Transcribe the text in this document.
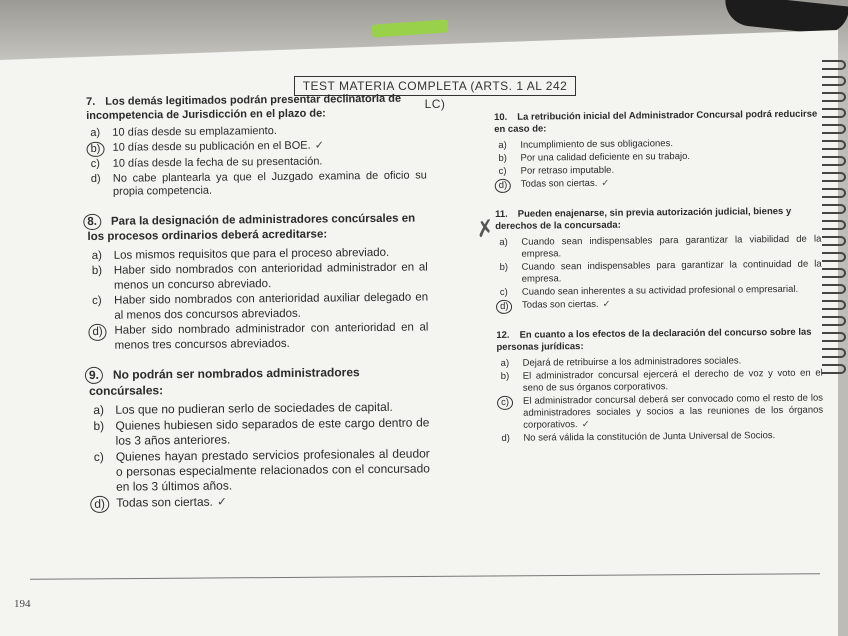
TEST MATERIA COMPLETA (ARTS. 1 AL 242 LC)
7. Los demás legitimados podrán presentar declinatoria de incompetencia de Jurisdicción en el plazo de:
a)	10 días desde su emplazamiento.
b)	10 días desde su publicación en el BOE. ✓
c)	10 días desde la fecha de su presentación.
d)	No cabe plantearla ya que el Juzgado examina de oficio su propia competencia.
8. Para la designación de administradores concúrsales en los procesos ordinarios deberá acreditarse:
a)	Los mismos requisitos que para el proceso abreviado.
b)	Haber sido nombrados con anterioridad administrador en al menos un concurso abreviado.
c)	Haber sido nombrados con anterioridad auxiliar delegado en al menos dos concursos abreviados.
d)	Haber sido nombrado administrador con anterioridad en al menos tres concursos abreviados.
9. No podrán ser nombrados administradores concúrsales:
a) Los que no pudieran serlo de sociedades de capital.
b) Quienes hubiesen sido separados de este cargo dentro de los 3 años anteriores.
c) Quienes hayan prestado servicios profesionales al deudor o personas especialmente relacionados con el concursado en los 3 últimos años.
d) Todas son ciertas. ✓
✗
10. La retribución inicial del Administrador Concursal podrá reducirse en caso de:
a)	Incumplimiento de sus obligaciones.
b)	Por una calidad deficiente en su trabajo.
c)	Por retraso imputable.
d)	Todas son ciertas. ✓
11. Pueden enajenarse, sin previa autorización judicial, bienes y derechos de la concursada:
a)	Cuando sean indispensables para garantizar la viabilidad de la empresa.
b)	Cuando sean indispensables para garantizar la continuidad de la empresa.
c)	Cuando sean inherentes a su actividad profesional o empresarial.
d)	Todas son ciertas. ✓
12. En cuanto a los efectos de la declaración del concurso sobre las personas jurídicas:
a)	Dejará de retribuirse a los administradores sociales.
b)	El administrador concursal ejercerá el derecho de voz y voto en el seno de sus órganos corporativos.
c)	El administrador concursal deberá ser convocado como el resto de los administradores sociales y socios a las reuniones de los órganos corporativos. ✓
d)	No será válida la constitución de Junta Universal de Socios.
194
